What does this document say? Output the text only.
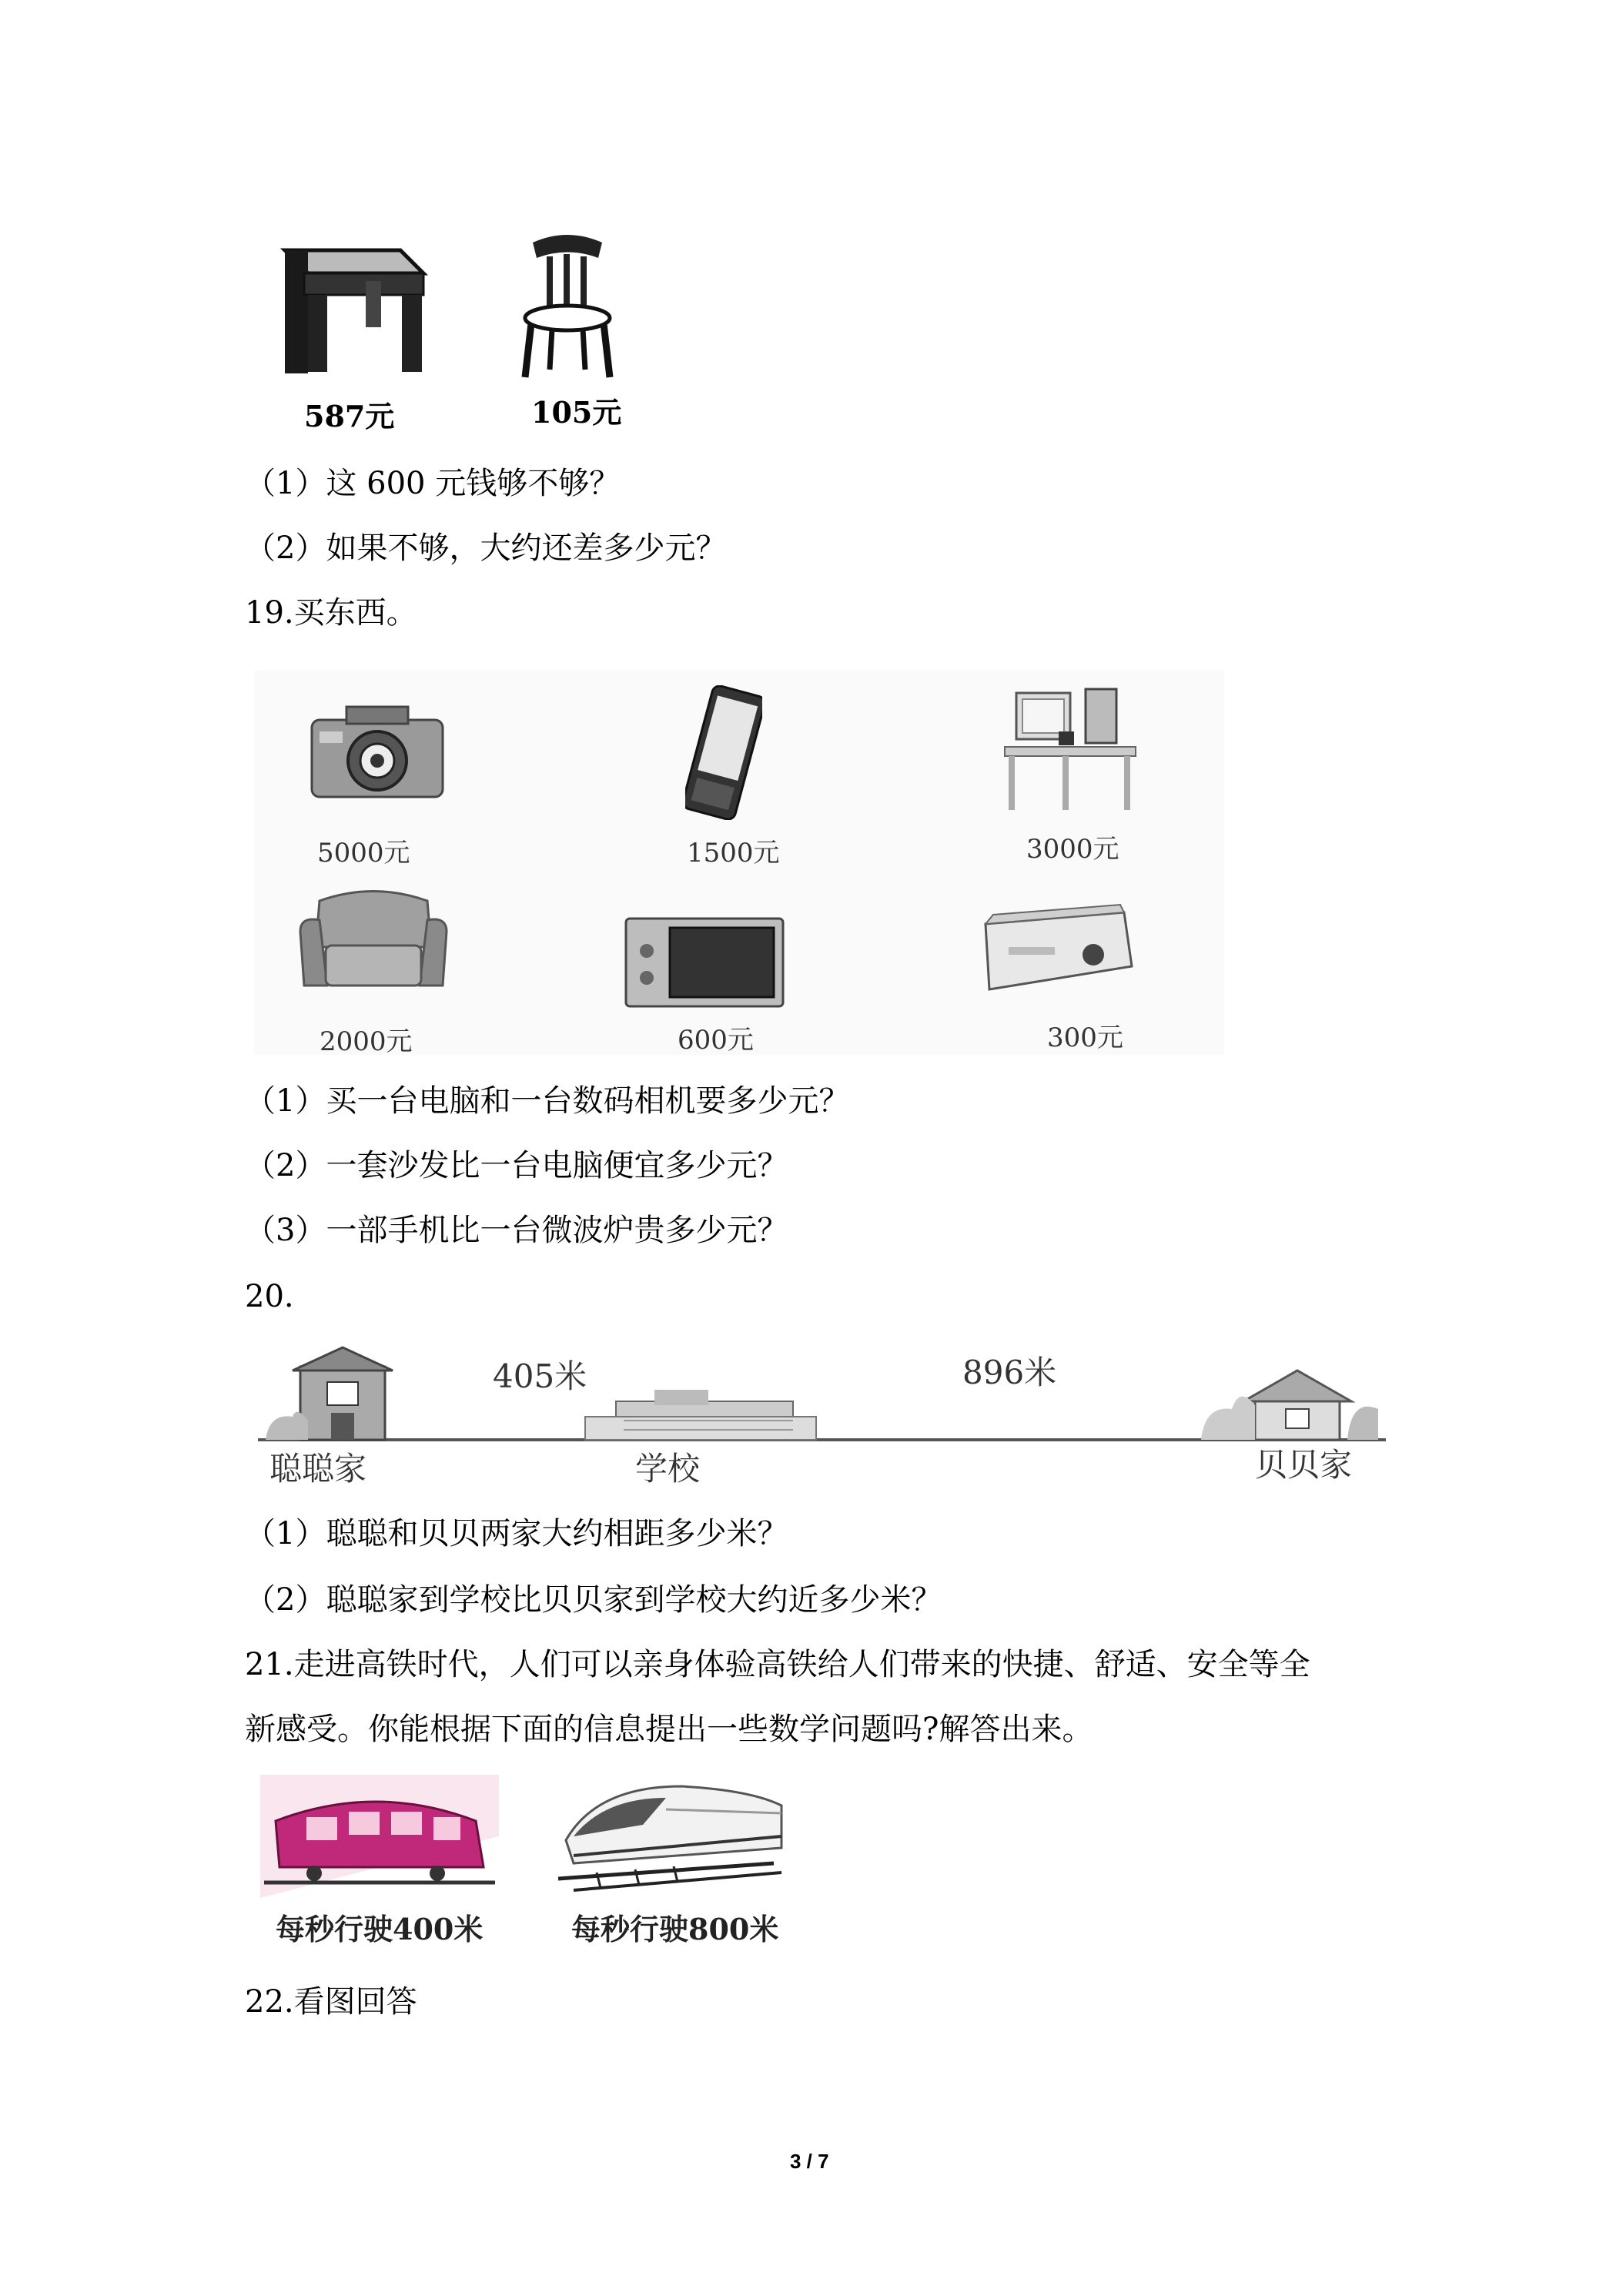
587元	105元
（1）这 600 元钱够不够？
（2）如果不够，大约还差多少元？
19.买东西。
5000元	1500元	3000元
2000元	600元	300元
（1）买一台电脑和一台数码相机要多少元？
（2）一套沙发比一台电脑便宜多少元？
（3）一部手机比一台微波炉贵多少元？
20.
405米	896米
聪聪家	学校	贝贝家
（1）聪聪和贝贝两家大约相距多少米？
（2）聪聪家到学校比贝贝家到学校大约近多少米？
21.走进高铁时代，人们可以亲身体验高铁给人们带来的快捷、舒适、安全等全
新感受。你能根据下面的信息提出一些数学问题吗?解答出来。
每秒行驶400米	每秒行驶800米
22.看图回答
3 / 7
